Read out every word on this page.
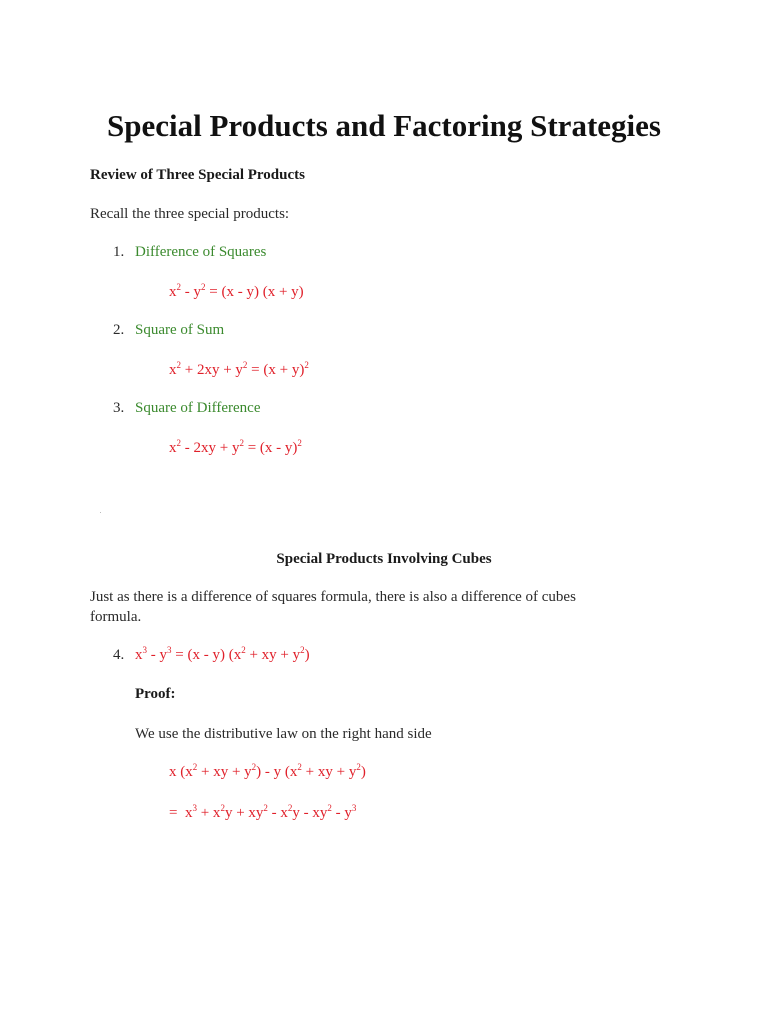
Special Products and Factoring Strategies
Review of Three Special Products
Recall the three special products:
1. Difference of Squares
$x^2 - y^2 = (x - y) (x + y)$
2. Square of Sum
$x^2 + 2xy + y^2 = (x + y)^2$
3. Square of Difference
$x^2 - 2xy + y^2 = (x - y)^2$
Special Products Involving Cubes
Just as there is a difference of squares formula, there is also a difference of cubes
formula.
4. $x^3 - y^3 = (x - y) (x^2$ + xy + $y^2$)
Proof:
We use the distributive law on the right hand side
x ($x^2$ + xy + $y^2$) - y ($x^2$ + xy + $y^2$)
=  $x^3 + x^2y + xy^2 - x^2y - xy^2 - y^3$
